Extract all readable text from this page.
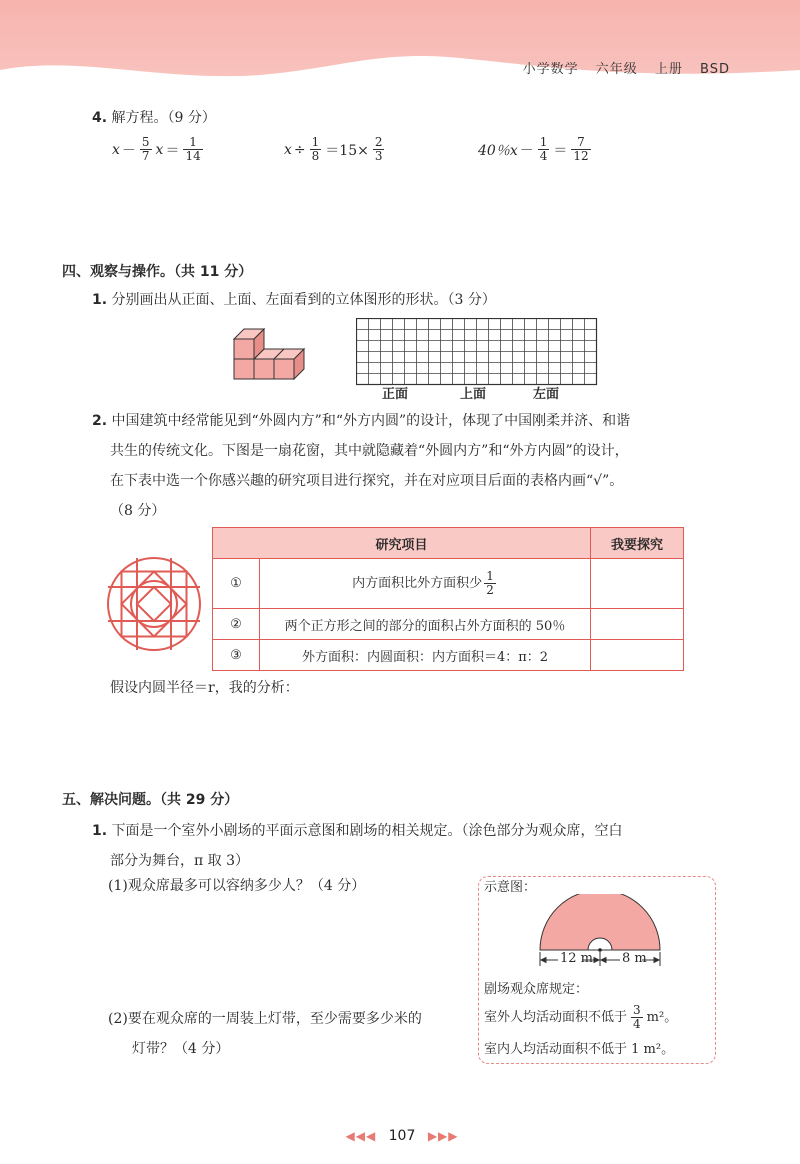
小学数学 六年级 上册 BSD
4. 解方程。（9 分）
$x - \frac{5}{7}$ $x = \frac{1}{14}$	$x \div \frac{1}{8} =15\times \frac{2}{3}$	40％$x - \frac{1}{4} = \frac{7}{12}$
四、观察与操作。（共 11 分）
1. 分别画出从正面、上面、左面看到的立体图形的形状。（3 分）
正面	上面	左面
2. 中国建筑中经常能见到“外圆内方”和“外方内圆”的设计，体现了中国刚柔并济、和谐
共生的传统文化。下图是一扇花窗，其中就隐藏着“外圆内方”和“外方内圆”的设计，
在下表中选一个你感兴趣的研究项目进行探究，并在对应项目后面的表格内画“√”。
（8 分）
研究项目		我要探究
①	内方面积比外方面积少 $\frac{1}{2}$

②	两个正方形之间的部分的面积占外方面积的 50％	
③	外方面积：内圆面积：内方面积＝4：π：2	
假设内圆半径＝r，我的分析：
五、解决问题。（共 29 分）
1. 下面是一个室外小剧场的平面示意图和剧场的相关规定。（涂色部分为观众席，空白
部分为舞台，π 取 3）
(1)观众席最多可以容纳多少人？（4 分）
(2)要在观众席的一周装上灯带，至少需要多少米的
灯带？（4 分）
示意图：
12 m 8 m
剧场观众席规定：
室外人均活动面积不低于 $\frac{3}{4} m^2$。
室内人均活动面积不低于 1 m²。
◀◀◀ 107 ▶▶▶
